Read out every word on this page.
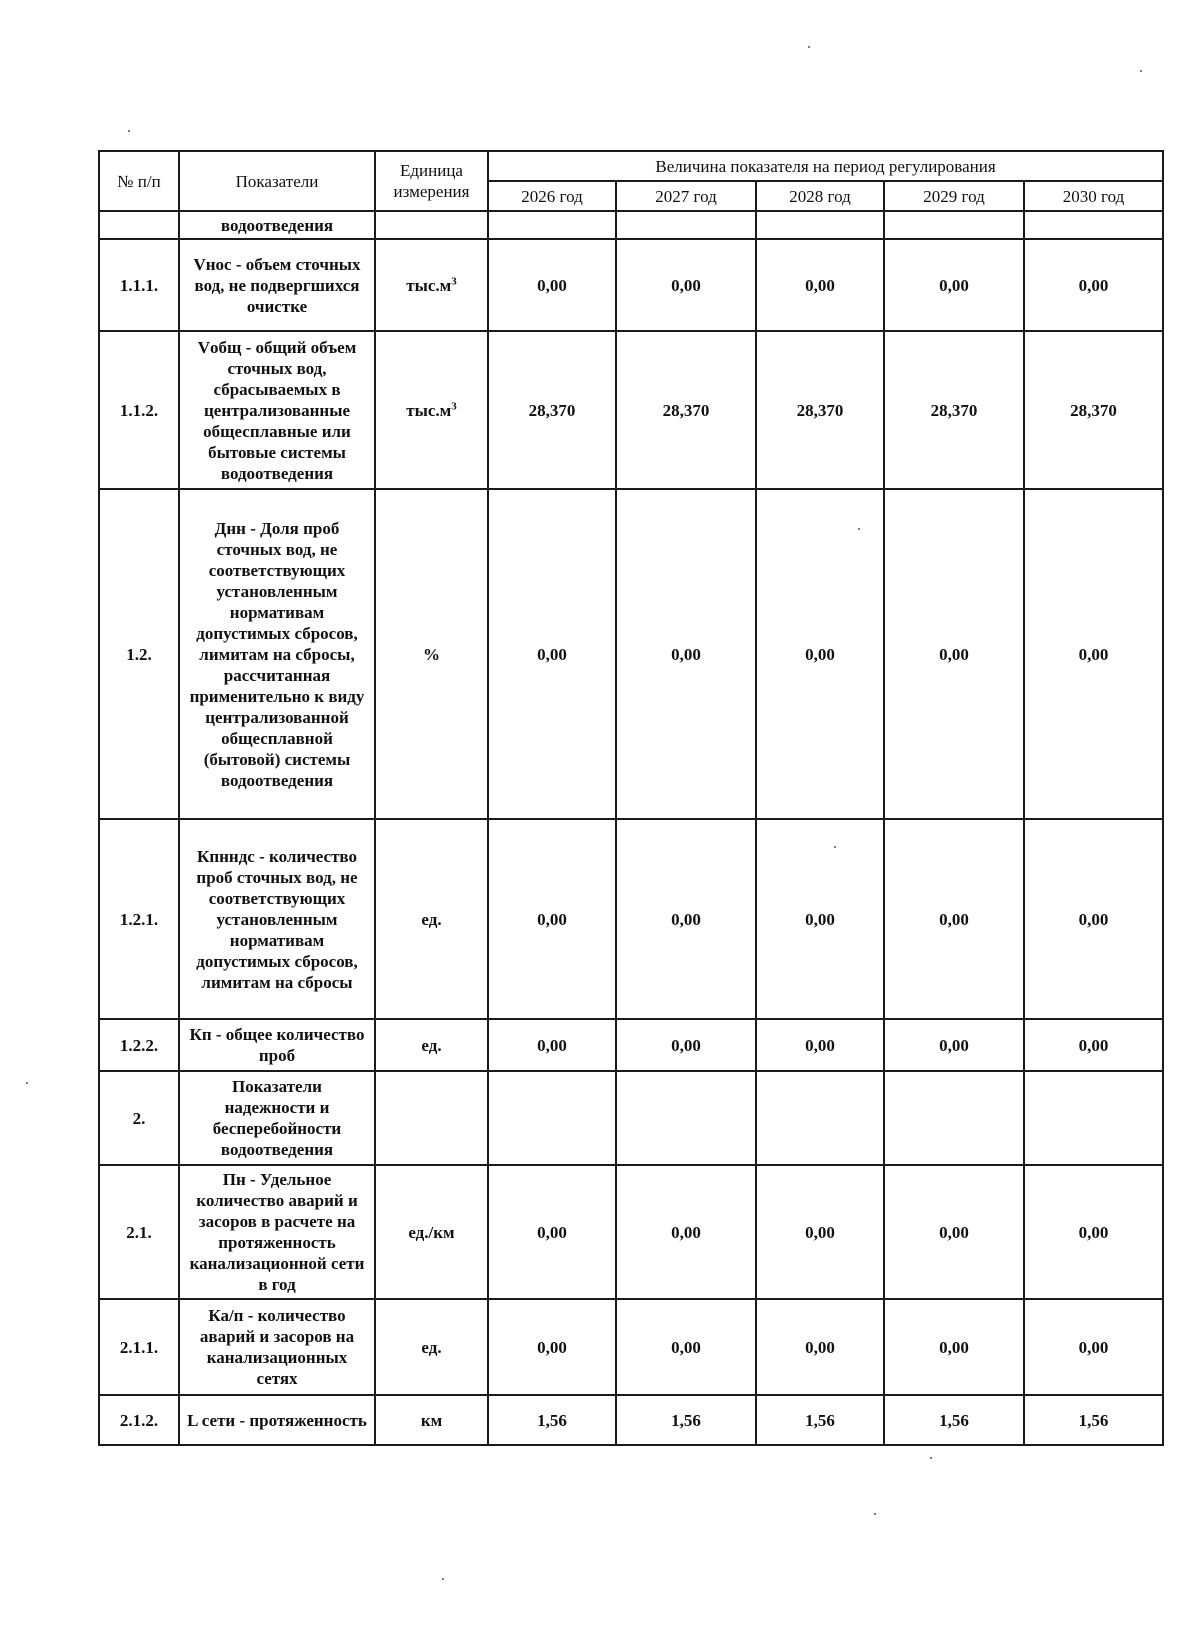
№ п/п	Показатели	Единица измерения	Величина показателя на период регулирования				
			2026 год	2027 год	2028 год	2029 год	2030 год
	водоотведения						
1.1.1.	Vнос - объем сточных вод, не подвергшихся очистке	$тыс.м^3$	0,00	0,00	0,00	0,00	0,00
1.1.2.	Vобщ - общий объем сточных вод, сбрасываемых в централизованные общесплавные или бытовые системы водоотведения	$тыс.м^3$	28,370	28,370	28,370	28,370	28,370
1.2.	Днн - Доля проб сточных вод, не соответствующих установленным нормативам допустимых сбросов, лимитам на сбросы, рассчитанная применительно к виду централизованной общесплавной (бытовой) системы водоотведения	%	0,00	0,00	0,00	0,00	0,00
1.2.1.	Кпнндс - количество проб сточных вод, не соответствующих установленным нормативам допустимых сбросов, лимитам на сбросы	ед.	0,00	0,00	0,00	0,00	0,00
1.2.2.	Кп - общее количество проб	ед.	0,00	0,00	0,00	0,00	0,00
2.	Показатели надежности и бесперебойности водоотведения						
2.1.	Пн - Удельное количество аварий и засоров в расчете на протяженность канализационной сети в год	ед./км	0,00	0,00	0,00	0,00	0,00
2.1.1.	Ка/п - количество аварий и засоров на канализационных сетях	ед.	0,00	0,00	0,00	0,00	0,00
2.1.2.	L сети - протяженность	км	1,56	1,56	1,56	1,56	1,56
